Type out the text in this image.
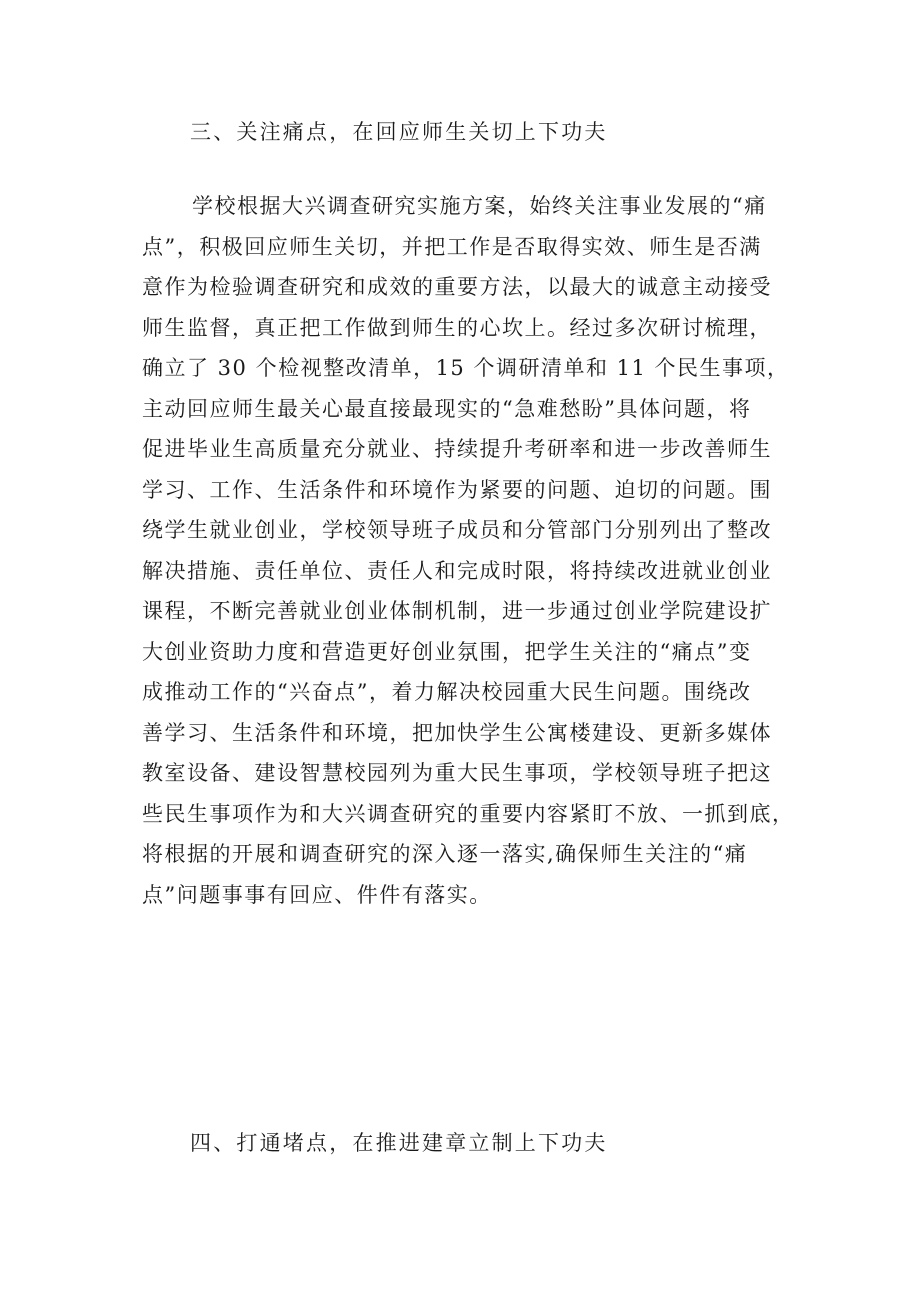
三、关注痛点，在回应师生关切上下功夫
学校根据大兴调查研究实施方案，始终关注事业发展的“痛
点”，积极回应师生关切，并把工作是否取得实效、师生是否满
意作为检验调查研究和成效的重要方法，以最大的诚意主动接受
师生监督，真正把工作做到师生的心坎上。经过多次研讨梳理，
确立了 30 个检视整改清单，15 个调研清单和 11 个民生事项，
主动回应师生最关心最直接最现实的“急难愁盼”具体问题，将
促进毕业生高质量充分就业、持续提升考研率和进一步改善师生
学习、工作、生活条件和环境作为紧要的问题、迫切的问题。围
绕学生就业创业，学校领导班子成员和分管部门分别列出了整改
解决措施、责任单位、责任人和完成时限，将持续改进就业创业
课程，不断完善就业创业体制机制，进一步通过创业学院建设扩
大创业资助力度和营造更好创业氛围，把学生关注的“痛点”变
成推动工作的“兴奋点”，着力解决校园重大民生问题。围绕改
善学习、生活条件和环境，把加快学生公寓楼建设、更新多媒体
教室设备、建设智慧校园列为重大民生事项，学校领导班子把这
些民生事项作为和大兴调查研究的重要内容紧盯不放、一抓到底，
将根据的开展和调查研究的深入逐一落实,确保师生关注的“痛
点”问题事事有回应、件件有落实。
四、打通堵点，在推进建章立制上下功夫
